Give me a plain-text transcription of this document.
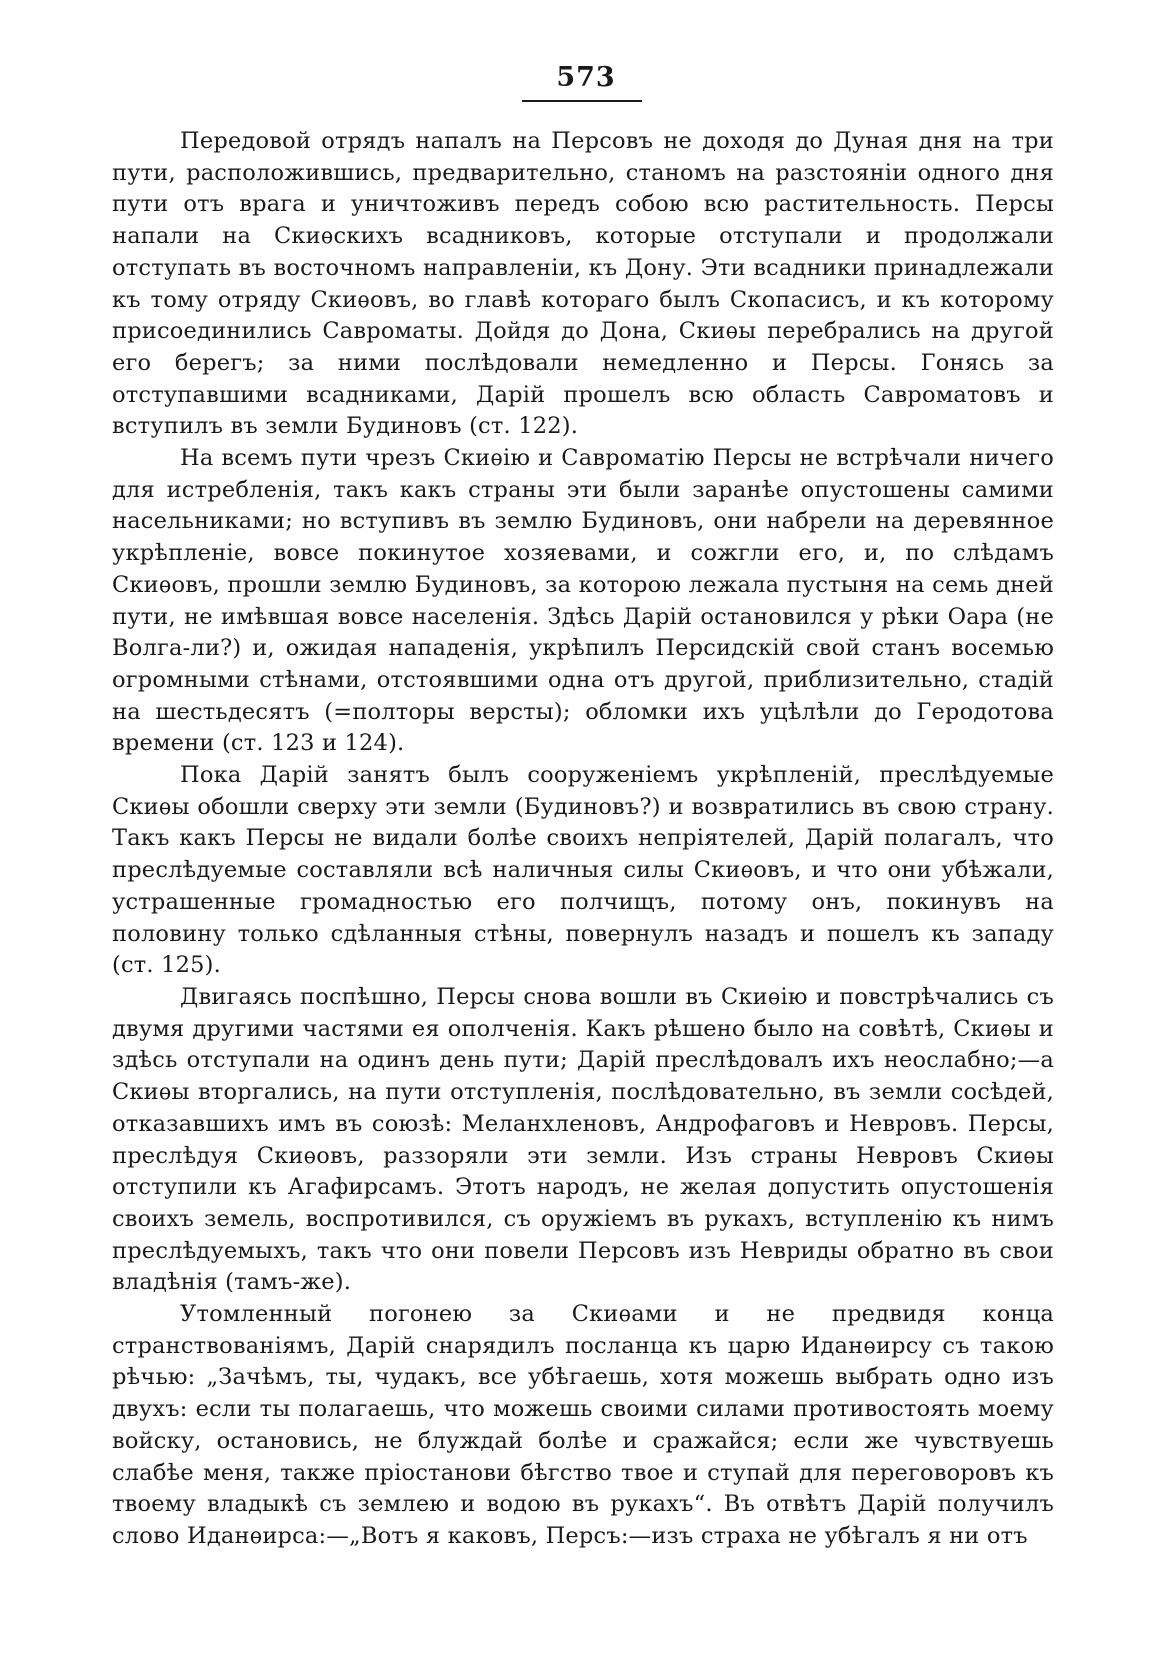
573

Передовой отрядъ напалъ на Персовъ не доходя до Дуная дня на три пути, расположившись, предварительно, станомъ на разстояніи одного дня пути отъ врага и уничтоживъ передъ собою всю растительность. Персы напали на Скиѳскихъ всадниковъ, которые отступали и продолжали отступать въ восточномъ направленіи, къ Дону. Эти всадники принадлежали къ тому отряду Скиѳовъ, во главѣ котораго былъ Скопасисъ, и къ которому присоединились Савроматы. Дойдя до Дона, Скиѳы перебрались на другой его берегъ; за ними послѣдовали немедленно и Персы. Гонясь за отступавшими всадниками, Дарій прошелъ всю область Савроматовъ и вступилъ въ земли Будиновъ (ст. 122).

На всемъ пути чрезъ Скиѳію и Савроматію Персы не встрѣчали ничего для истребленія, такъ какъ страны эти были заранѣе опустошены самими насельниками; но вступивъ въ землю Будиновъ, они набрели на деревянное укрѣпленіе, вовсе покинутое хозяевами, и сожгли его, и, по слѣдамъ Скиѳовъ, прошли землю Будиновъ, за которою лежала пустыня на семь дней пути, не имѣвшая вовсе населенія. Здѣсь Дарій остановился у рѣки Оара (не Волга-ли?) и, ожидая нападенія, укрѣпилъ Персидскій свой станъ восемью огромными стѣнами, отстоявшими одна отъ другой, приблизительно, стадій на шестьдесятъ (=полторы версты); обломки ихъ уцѣлѣли до Геродотова времени (ст. 123 и 124).

Пока Дарій занятъ былъ сооруженіемъ укрѣпленій, преслѣдуемые Скиѳы обошли сверху эти земли (Будиновъ?) и возвратились въ свою страну. Такъ какъ Персы не видали болѣе своихъ непріятелей, Дарій полагалъ, что преслѣдуемые составляли всѣ наличныя силы Скиѳовъ, и что они убѣжали, устрашенные громадностью его полчищъ, потому онъ, покинувъ на половину только сдѣланныя стѣны, повернулъ назадъ и пошелъ къ западу (ст. 125).

Двигаясь поспѣшно, Персы снова вошли въ Скиѳію и повстрѣчались съ двумя другими частями ея ополченія. Какъ рѣшено было на совѣтѣ, Скиѳы и здѣсь отступали на одинъ день пути; Дарій преслѣдовалъ ихъ неослабно;—а Скиѳы вторгались, на пути отступленія, послѣдовательно, въ земли сосѣдей, отказавшихъ имъ въ союзѣ: Меланхленовъ, Андрофаговъ и Невровъ. Персы, преслѣдуя Скиѳовъ, раззоряли эти земли. Изъ страны Невровъ Скиѳы отступили къ Агафирсамъ. Этотъ народъ, не желая допустить опустошенія своихъ земель, воспротивился, съ оружіемъ въ рукахъ, вступленію къ нимъ преслѣдуемыхъ, такъ что они повели Персовъ изъ Невриды обратно въ свои владѣнія (тамъ-же).

Утомленный погонею за Скиѳами и не предвидя конца странствованіямъ, Дарій снарядилъ посланца къ царю Иданѳирсу съ такою рѣчью: „Зачѣмъ, ты, чудакъ, все убѣгаешь, хотя можешь выбрать одно изъ двухъ: если ты полагаешь, что можешь своими силами противостоять моему войску, остановись, не блуждай болѣе и сражайся; если же чувствуешь слабѣе меня, также пріостанови бѣгство твое и ступай для переговоровъ къ твоему владыкѣ съ землею и водою въ рукахъ“. Въ отвѣтъ Дарій получилъ слово Иданѳирса:—„Вотъ я каковъ, Персъ:—изъ страха не убѣгалъ я ни отъ
